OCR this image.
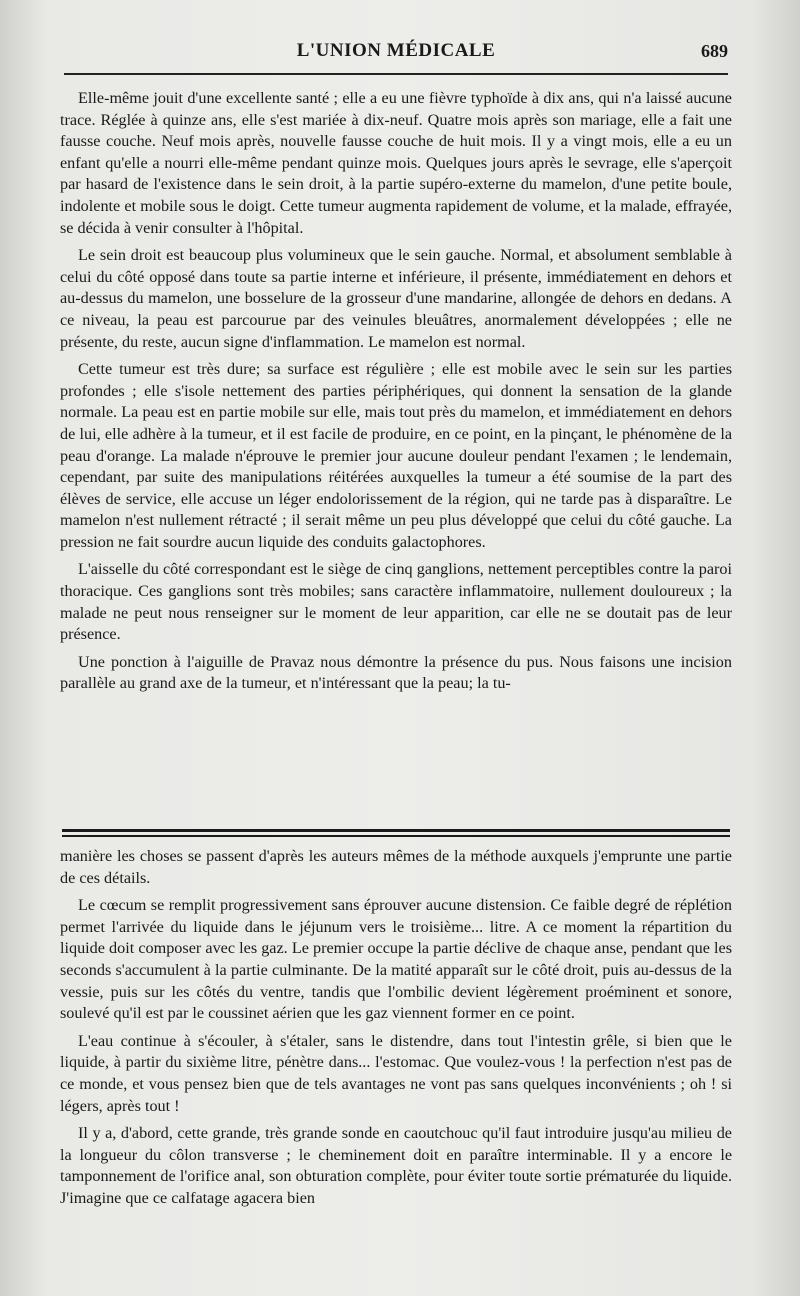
L'UNION MÉDICALE	689

Elle-même jouit d'une excellente santé ; elle a eu une fièvre typhoïde à dix ans, qui n'a laissé aucune trace. Réglée à quinze ans, elle s'est mariée à dix-neuf. Quatre mois après son mariage, elle a fait une fausse couche. Neuf mois après, nouvelle fausse couche de huit mois. Il y a vingt mois, elle a eu un enfant qu'elle a nourri elle-même pendant quinze mois. Quelques jours après le sevrage, elle s'aperçoit par hasard de l'existence dans le sein droit, à la partie supéro-externe du mamelon, d'une petite boule, indolente et mobile sous le doigt. Cette tumeur augmenta rapidement de volume, et la malade, effrayée, se décida à venir consulter à l'hôpital.

Le sein droit est beaucoup plus volumineux que le sein gauche. Normal, et absolument semblable à celui du côté opposé dans toute sa partie interne et inférieure, il présente, immédiatement en dehors et au-dessus du mamelon, une bosselure de la grosseur d'une mandarine, allongée de dehors en dedans. A ce niveau, la peau est parcourue par des veinules bleuâtres, anormalement développées ; elle ne présente, du reste, aucun signe d'inflammation. Le mamelon est normal.

Cette tumeur est très dure; sa surface est régulière ; elle est mobile avec le sein sur les parties profondes ; elle s'isole nettement des parties périphériques, qui donnent la sensation de la glande normale. La peau est en partie mobile sur elle, mais tout près du mamelon, et immédiatement en dehors de lui, elle adhère à la tumeur, et il est facile de produire, en ce point, en la pinçant, le phénomène de la peau d'orange. La malade n'éprouve le premier jour aucune douleur pendant l'examen ; le lendemain, cependant, par suite des manipulations réitérées auxquelles la tumeur a été soumise de la part des élèves de service, elle accuse un léger endolorissement de la région, qui ne tarde pas à disparaître. Le mamelon n'est nullement rétracté ; il serait même un peu plus développé que celui du côté gauche. La pression ne fait sourdre aucun liquide des conduits galactophores.

L'aisselle du côté correspondant est le siège de cinq ganglions, nettement perceptibles contre la paroi thoracique. Ces ganglions sont très mobiles; sans caractère inflammatoire, nullement douloureux ; la malade ne peut nous renseigner sur le moment de leur apparition, car elle ne se doutait pas de leur présence.

Une ponction à l'aiguille de Pravaz nous démontre la présence du pus. Nous faisons une incision parallèle au grand axe de la tumeur, et n'intéressant que la peau; la tu-

manière les choses se passent d'après les auteurs mêmes de la méthode auxquels j'emprunte une partie de ces détails.

Le cœcum se remplit progressivement sans éprouver aucune distension. Ce faible degré de réplétion permet l'arrivée du liquide dans le jéjunum vers le troisième... litre. A ce moment la répartition du liquide doit composer avec les gaz. Le premier occupe la partie déclive de chaque anse, pendant que les seconds s'accumulent à la partie culminante. De la matité apparaît sur le côté droit, puis au-dessus de la vessie, puis sur les côtés du ventre, tandis que l'ombilic devient légèrement proéminent et sonore, soulevé qu'il est par le coussinet aérien que les gaz viennent former en ce point.

L'eau continue à s'écouler, à s'étaler, sans le distendre, dans tout l'intestin grêle, si bien que le liquide, à partir du sixième litre, pénètre dans... l'estomac. Que voulez-vous ! la perfection n'est pas de ce monde, et vous pensez bien que de tels avantages ne vont pas sans quelques inconvénients ; oh ! si légers, après tout !

Il y a, d'abord, cette grande, très grande sonde en caoutchouc qu'il faut introduire jusqu'au milieu de la longueur du côlon transverse ; le cheminement doit en paraître interminable. Il y a encore le tamponnement de l'orifice anal, son obturation complète, pour éviter toute sortie prématurée du liquide. J'imagine que ce calfatage agacera bien
